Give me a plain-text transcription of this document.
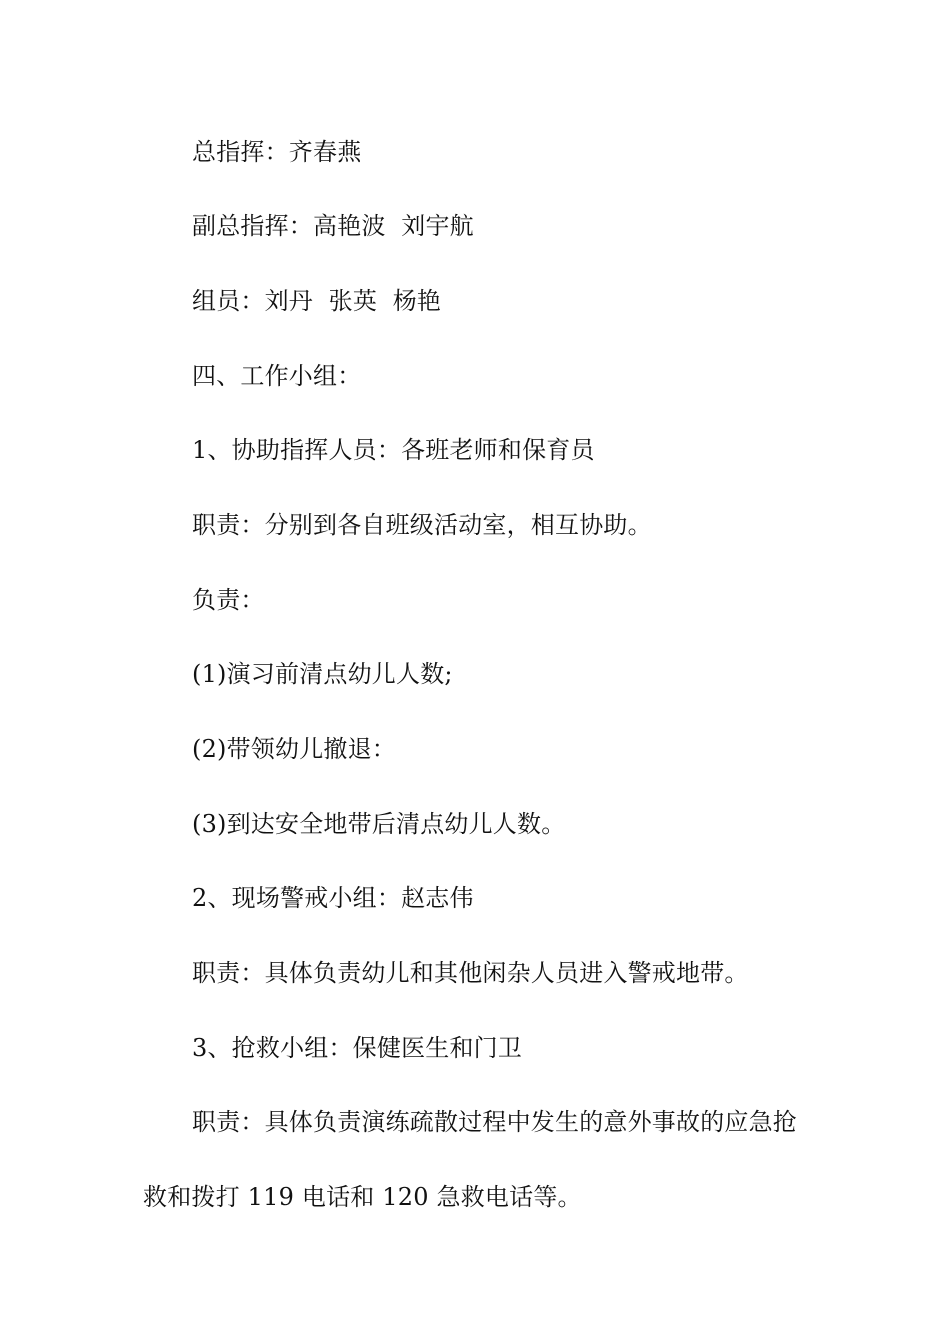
总指挥：齐春燕
副总指挥：高艳波  刘宇航
组员：刘丹  张英  杨艳
四、工作小组：
1、协助指挥人员：各班老师和保育员
职责：分别到各自班级活动室，相互协助。
负责：
(1)演习前清点幼儿人数;
(2)带领幼儿撤退：
(3)到达安全地带后清点幼儿人数。
2、现场警戒小组：赵志伟
职责：具体负责幼儿和其他闲杂人员进入警戒地带。
3、抢救小组：保健医生和门卫
职责：具体负责演练疏散过程中发生的意外事故的应急抢
救和拨打 119 电话和 120 急救电话等。
